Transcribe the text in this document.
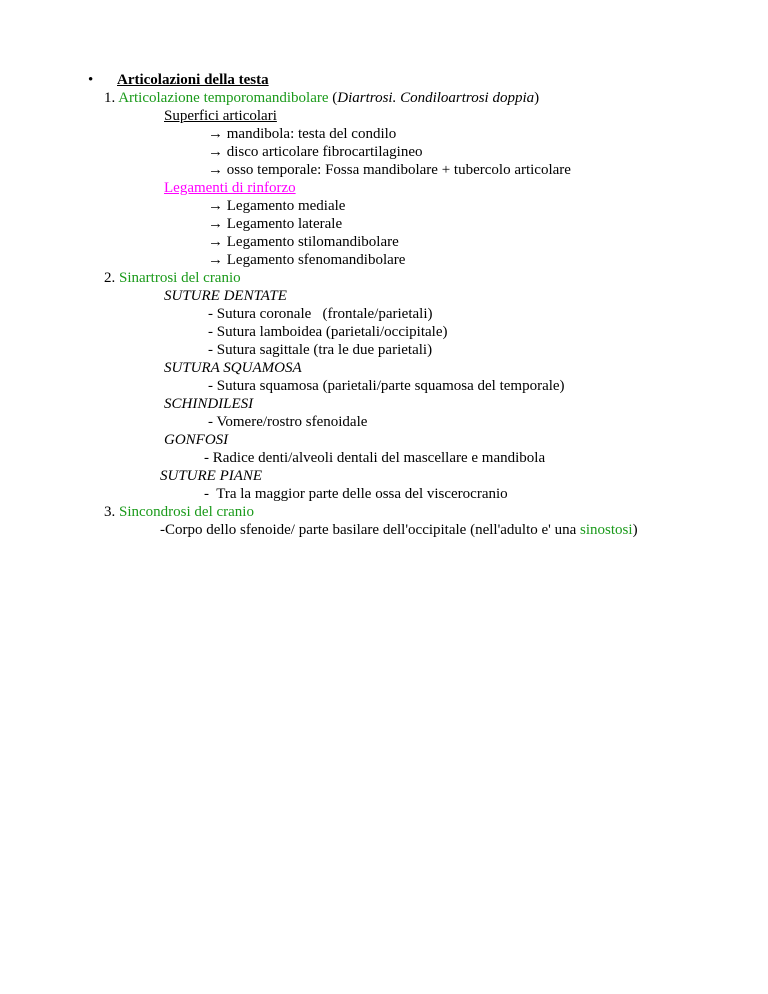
• Articolazioni della testa
1. Articolazione temporomandibolare (Diartrosi. Condiloartrosi doppia)
Superfici articolari
→ mandibola: testa del condilo
→ disco articolare fibrocartilagineo
→ osso temporale: Fossa mandibolare + tubercolo articolare
Legamenti di rinforzo
→ Legamento mediale
→ Legamento laterale
→ Legamento stilomandibolare
→ Legamento sfenomandibolare
2. Sinartrosi del cranio
SUTURE DENTATE
- Sutura coronale   (frontale/parietali)
- Sutura lamboidea (parietali/occipitale)
- Sutura sagittale (tra le due parietali)
SUTURA SQUAMOSA
- Sutura squamosa (parietali/parte squamosa del temporale)
SCHINDILESI
- Vomere/rostro sfenoidale
GONFOSI
- Radice denti/alveoli dentali del mascellare e mandibola
SUTURE PIANE
-  Tra la maggior parte delle ossa del viscerocranio
3. Sincondrosi del cranio
-Corpo dello sfenoide/ parte basilare dell'occipitale (nell'adulto e' una sinostosi)
